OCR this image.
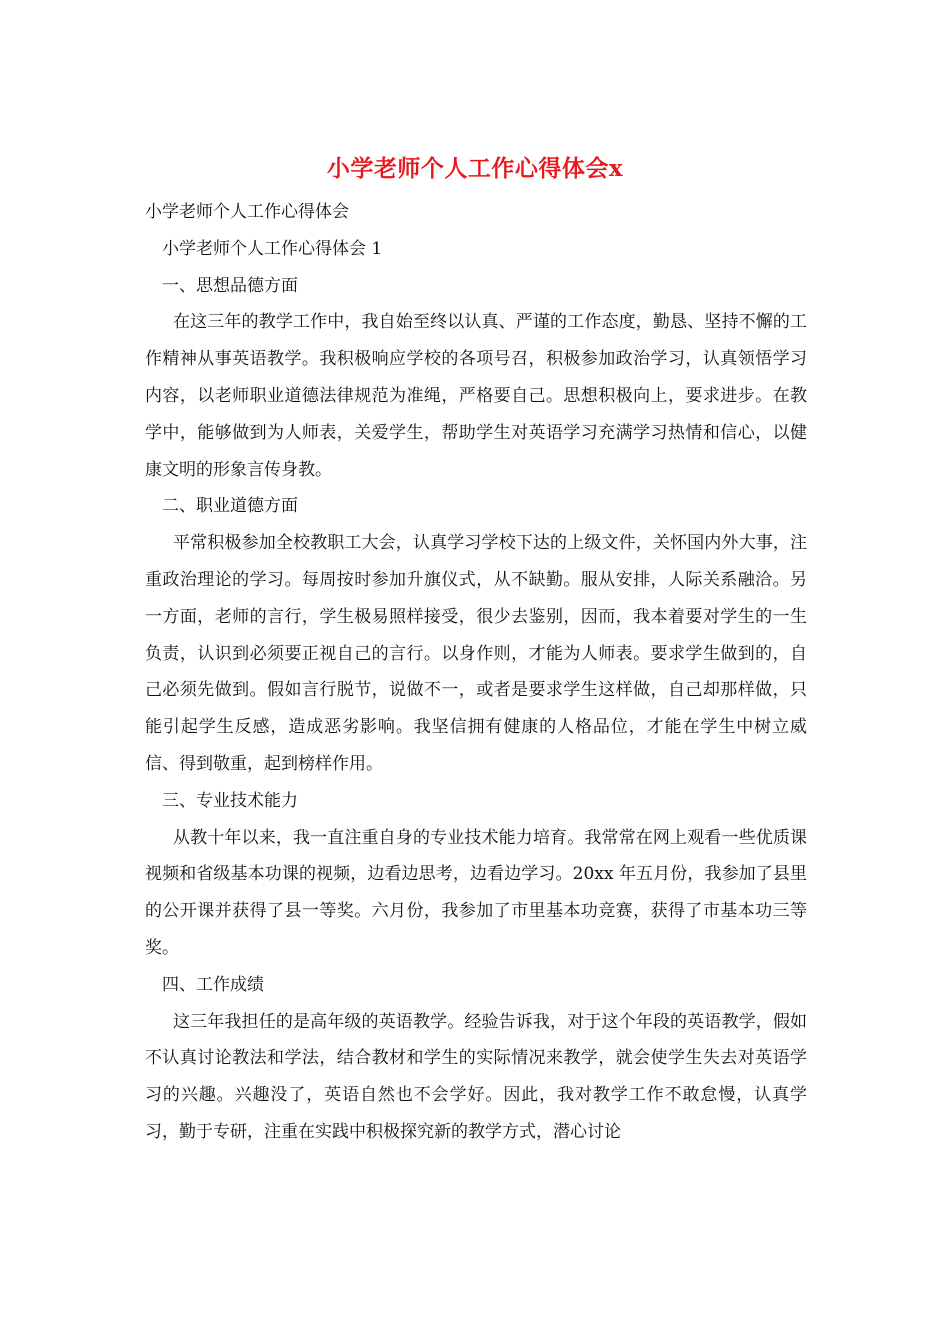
小学老师个人工作心得体会x

小学老师个人工作心得体会

小学老师个人工作心得体会 1

一、思想品德方面

在这三年的教学工作中，我自始至终以认真、严谨的工作态度，勤恳、坚持不懈的工作精神从事英语教学。我积极响应学校的各项号召，积极参加政治学习，认真领悟学习内容，以老师职业道德法律规范为准绳，严格要自己。思想积极向上，要求进步。在教学中，能够做到为人师表，关爱学生，帮助学生对英语学习充满学习热情和信心，以健康文明的形象言传身教。

二、职业道德方面

平常积极参加全校教职工大会，认真学习学校下达的上级文件，关怀国内外大事，注重政治理论的学习。每周按时参加升旗仪式，从不缺勤。服从安排，人际关系融洽。另一方面，老师的言行，学生极易照样接受，很少去鉴别，因而，我本着要对学生的一生负责，认识到必须要正视自己的言行。以身作则，才能为人师表。要求学生做到的，自己必须先做到。假如言行脱节，说做不一，或者是要求学生这样做，自己却那样做，只能引起学生反感，造成恶劣影响。我坚信拥有健康的人格品位，才能在学生中树立威信、得到敬重，起到榜样作用。

三、专业技术能力

从教十年以来，我一直注重自身的专业技术能力培育。我常常在网上观看一些优质课视频和省级基本功课的视频，边看边思考，边看边学习。20xx 年五月份，我参加了县里的公开课并获得了县一等奖。六月份，我参加了市里基本功竞赛，获得了市基本功三等奖。

四、工作成绩

这三年我担任的是高年级的英语教学。经验告诉我，对于这个年段的英语教学，假如不认真讨论教法和学法，结合教材和学生的实际情况来教学，就会使学生失去对英语学习的兴趣。兴趣没了，英语自然也不会学好。因此，我对教学工作不敢怠慢，认真学习，勤于专研，注重在实践中积极探究新的教学方式，潜心讨论
